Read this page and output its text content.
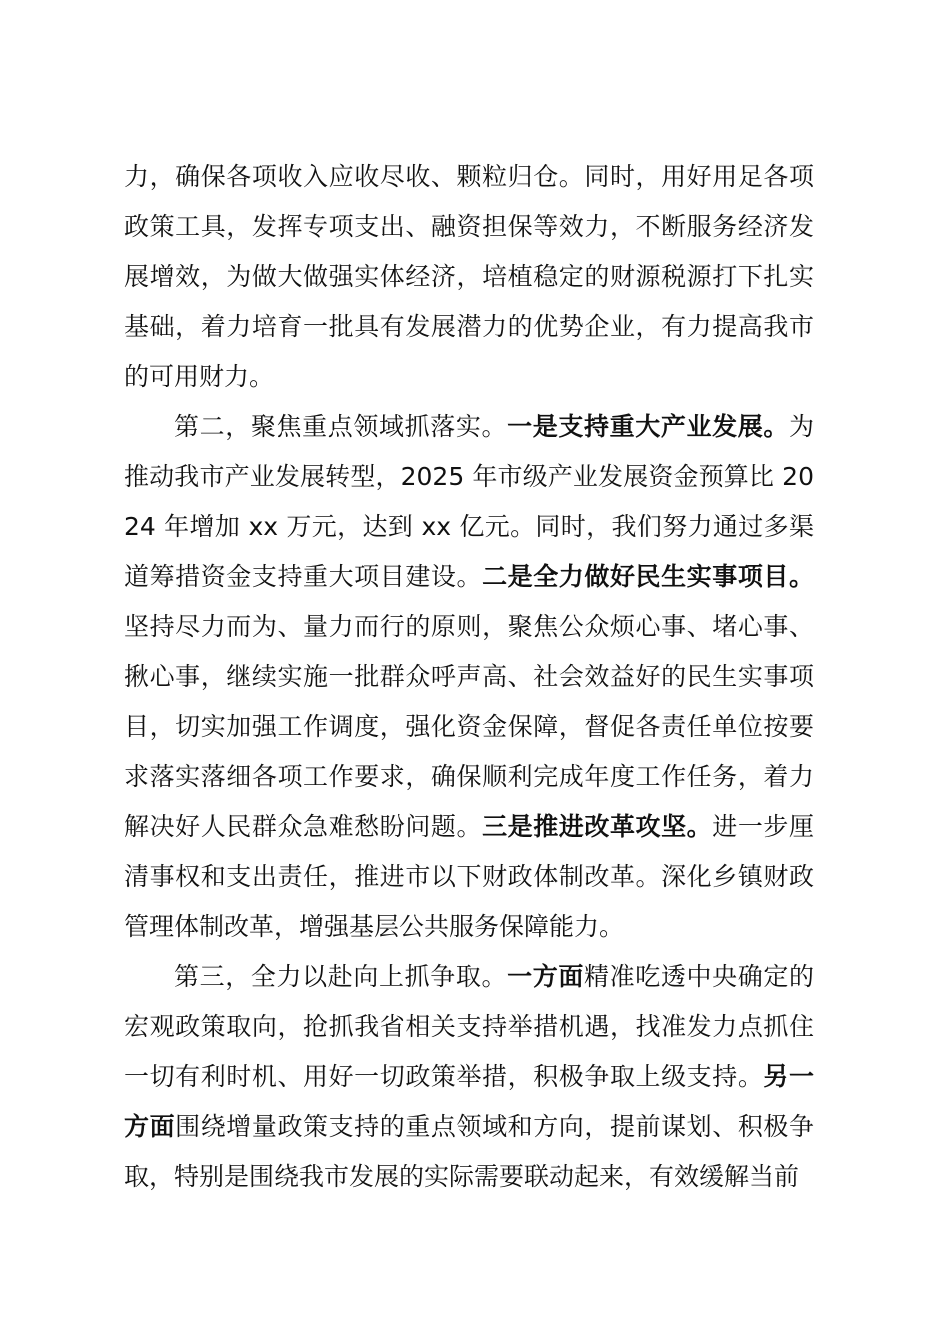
力，确保各项收入应收尽收、颗粒归仓。同时，用好用足各项政策工具，发挥专项支出、融资担保等效力，不断服务经济发展增效，为做大做强实体经济，培植稳定的财源税源打下扎实基础，着力培育一批具有发展潜力的优势企业，有力提高我市的可用财力。

第二，聚焦重点领域抓落实。一是支持重大产业发展。为推动我市产业发展转型，2025 年市级产业发展资金预算比 2024 年增加 xx 万元，达到 xx 亿元。同时，我们努力通过多渠道筹措资金支持重大项目建设。二是全力做好民生实事项目。坚持尽力而为、量力而行的原则，聚焦公众烦心事、堵心事、揪心事，继续实施一批群众呼声高、社会效益好的民生实事项目，切实加强工作调度，强化资金保障，督促各责任单位按要求落实落细各项工作要求，确保顺利完成年度工作任务，着力解决好人民群众急难愁盼问题。三是推进改革攻坚。进一步厘清事权和支出责任，推进市以下财政体制改革。深化乡镇财政管理体制改革，增强基层公共服务保障能力。

第三，全力以赴向上抓争取。一方面精准吃透中央确定的宏观政策取向，抢抓我省相关支持举措机遇，找准发力点抓住一切有利时机、用好一切政策举措，积极争取上级支持。另一方面围绕增量政策支持的重点领域和方向，提前谋划、积极争取，特别是围绕我市发展的实际需要联动起来，有效缓解当前
